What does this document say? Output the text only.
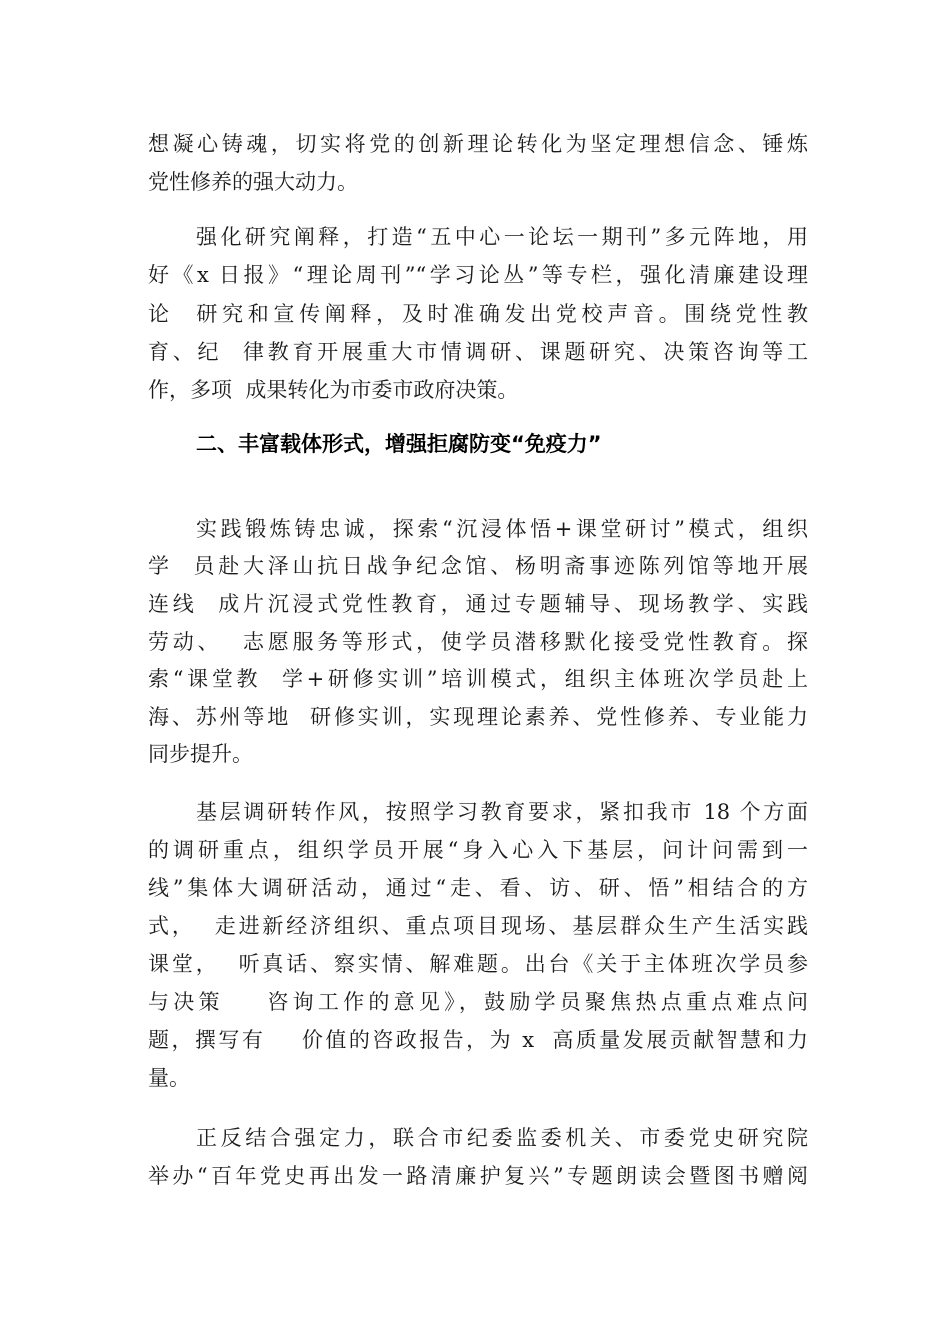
想凝心铸魂，切实将党的创新理论转化为坚定理想信念、锤炼
党性修养的强大动力。
强化研究阐释，打造“五中心一论坛一期刊”多元阵地，用
好《x 日报》“理论周刊”“学习论丛”等专栏，强化清廉建设理
论  研究和宣传阐释，及时准确发出党校声音。围绕党性教
育、纪  律教育开展重大市情调研、课题研究、决策咨询等工
作，多项  成果转化为市委市政府决策。
二、丰富载体形式，增强拒腐防变“免疫力”
实践锻炼铸忠诚，探索“沉浸体悟+课堂研讨”模式，组织
学  员赴大泽山抗日战争纪念馆、杨明斋事迹陈列馆等地开展
连线  成片沉浸式党性教育，通过专题辅导、现场教学、实践
劳动、  志愿服务等形式，使学员潜移默化接受党性教育。探
索“课堂教  学+研修实训”培训模式，组织主体班次学员赴上
海、苏州等地  研修实训，实现理论素养、党性修养、专业能力
同步提升。
基层调研转作风，按照学习教育要求，紧扣我市 18 个方面
的调研重点，组织学员开展“身入心入下基层，问计问需到一
线”集体大调研活动，通过“走、看、访、研、悟”相结合的方
式，  走进新经济组织、重点项目现场、基层群众生产生活实践
课堂，  听真话、察实情、解难题。出台《关于主体班次学员参
与决策    咨询工作的意见》，鼓励学员聚焦热点重点难点问
题，撰写有    价值的咨政报告，为 x  高质量发展贡献智慧和力
量。
正反结合强定力，联合市纪委监委机关、市委党史研究院
举办“百年党史再出发一路清廉护复兴”专题朗读会暨图书赠阅
